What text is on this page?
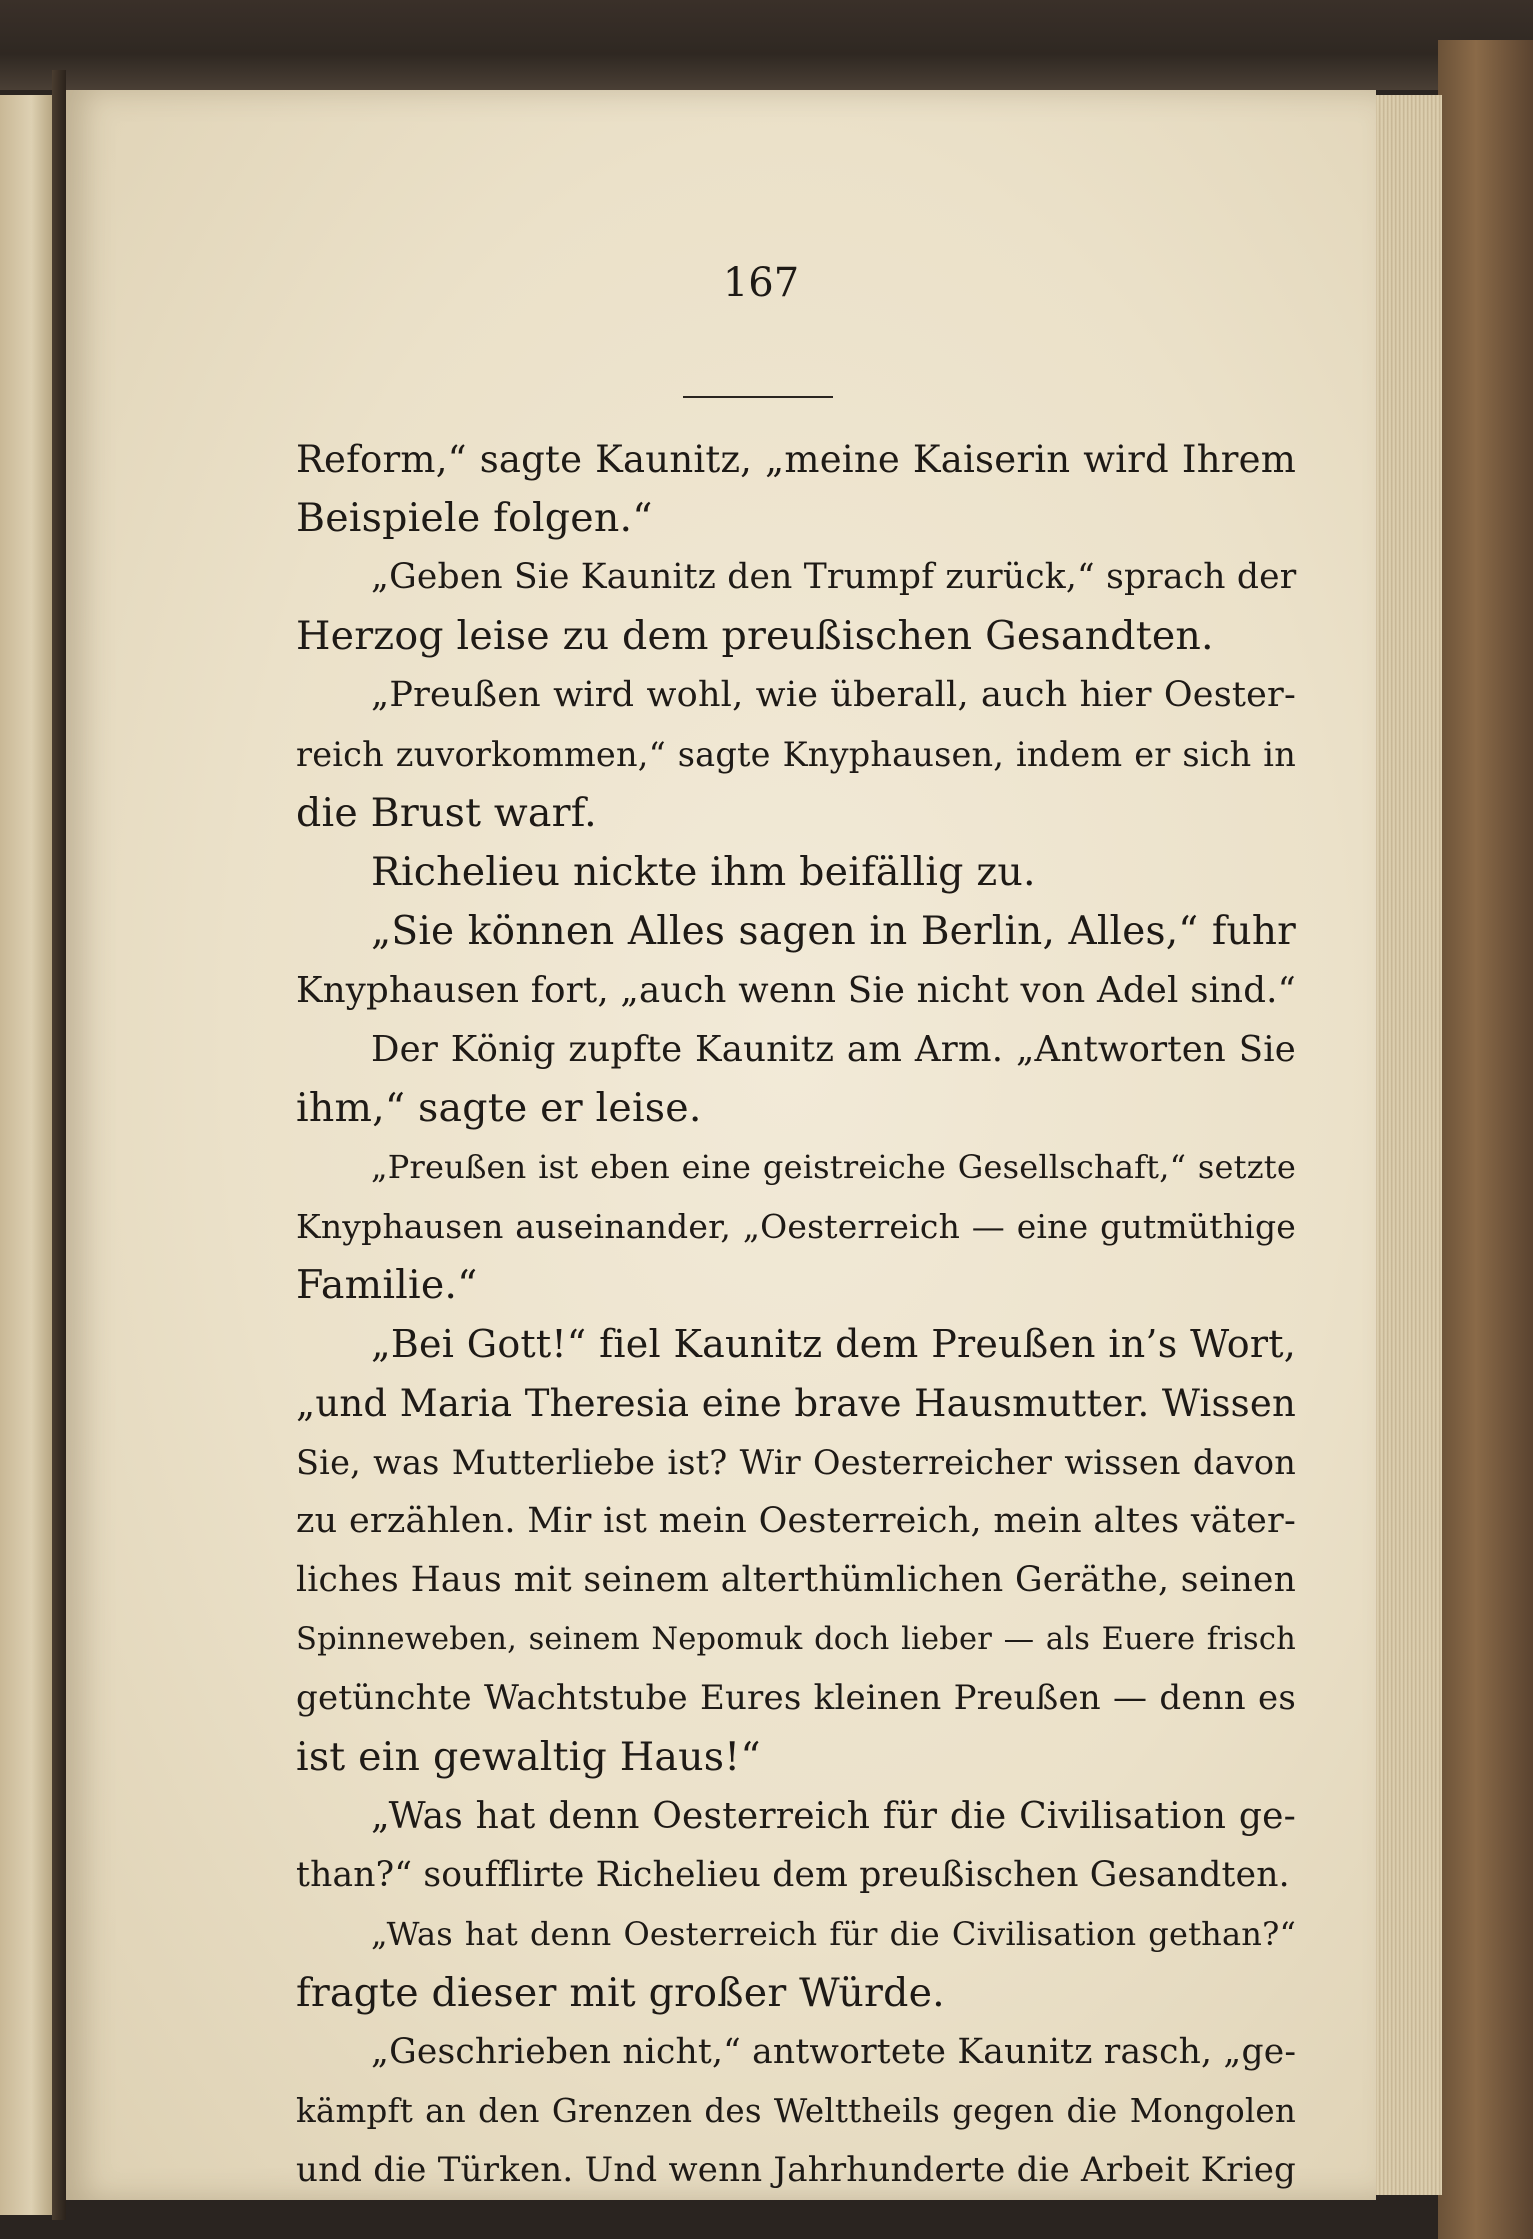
167
Reform,“ sagte Kaunitz, „meine Kaiserin wird Ihrem
Beispiele folgen.“
„Geben Sie Kaunitz den Trumpf zurück,“ sprach der
Herzog leise zu dem preußischen Gesandten.
„Preußen wird wohl, wie überall, auch hier Oester-
reich zuvorkommen,“ sagte Knyphausen, indem er sich in
die Brust warf.
Richelieu nickte ihm beifällig zu.
„Sie können Alles sagen in Berlin, Alles,“ fuhr
Knyphausen fort, „auch wenn Sie nicht von Adel sind.“
Der König zupfte Kaunitz am Arm. „Antworten Sie
ihm,“ sagte er leise.
„Preußen ist eben eine geistreiche Gesellschaft,“ setzte
Knyphausen auseinander, „Oesterreich — eine gutmüthige
Familie.“
„Bei Gott!“ fiel Kaunitz dem Preußen in’s Wort,
„und Maria Theresia eine brave Hausmutter. Wissen
Sie, was Mutterliebe ist? Wir Oesterreicher wissen davon
zu erzählen. Mir ist mein Oesterreich, mein altes väter-
liches Haus mit seinem alterthümlichen Geräthe, seinen
Spinneweben, seinem Nepomuk doch lieber — als Euere frisch
getünchte Wachtstube Eures kleinen Preußen — denn es
ist ein gewaltig Haus!“
„Was hat denn Oesterreich für die Civilisation ge-
than?“ soufflirte Richelieu dem preußischen Gesandten.
„Was hat denn Oesterreich für die Civilisation gethan?“
fragte dieser mit großer Würde.
„Geschrieben nicht,“ antwortete Kaunitz rasch, „ge-
kämpft an den Grenzen des Welttheils gegen die Mongolen
und die Türken. Und wenn Jahrhunderte die Arbeit Krieg
